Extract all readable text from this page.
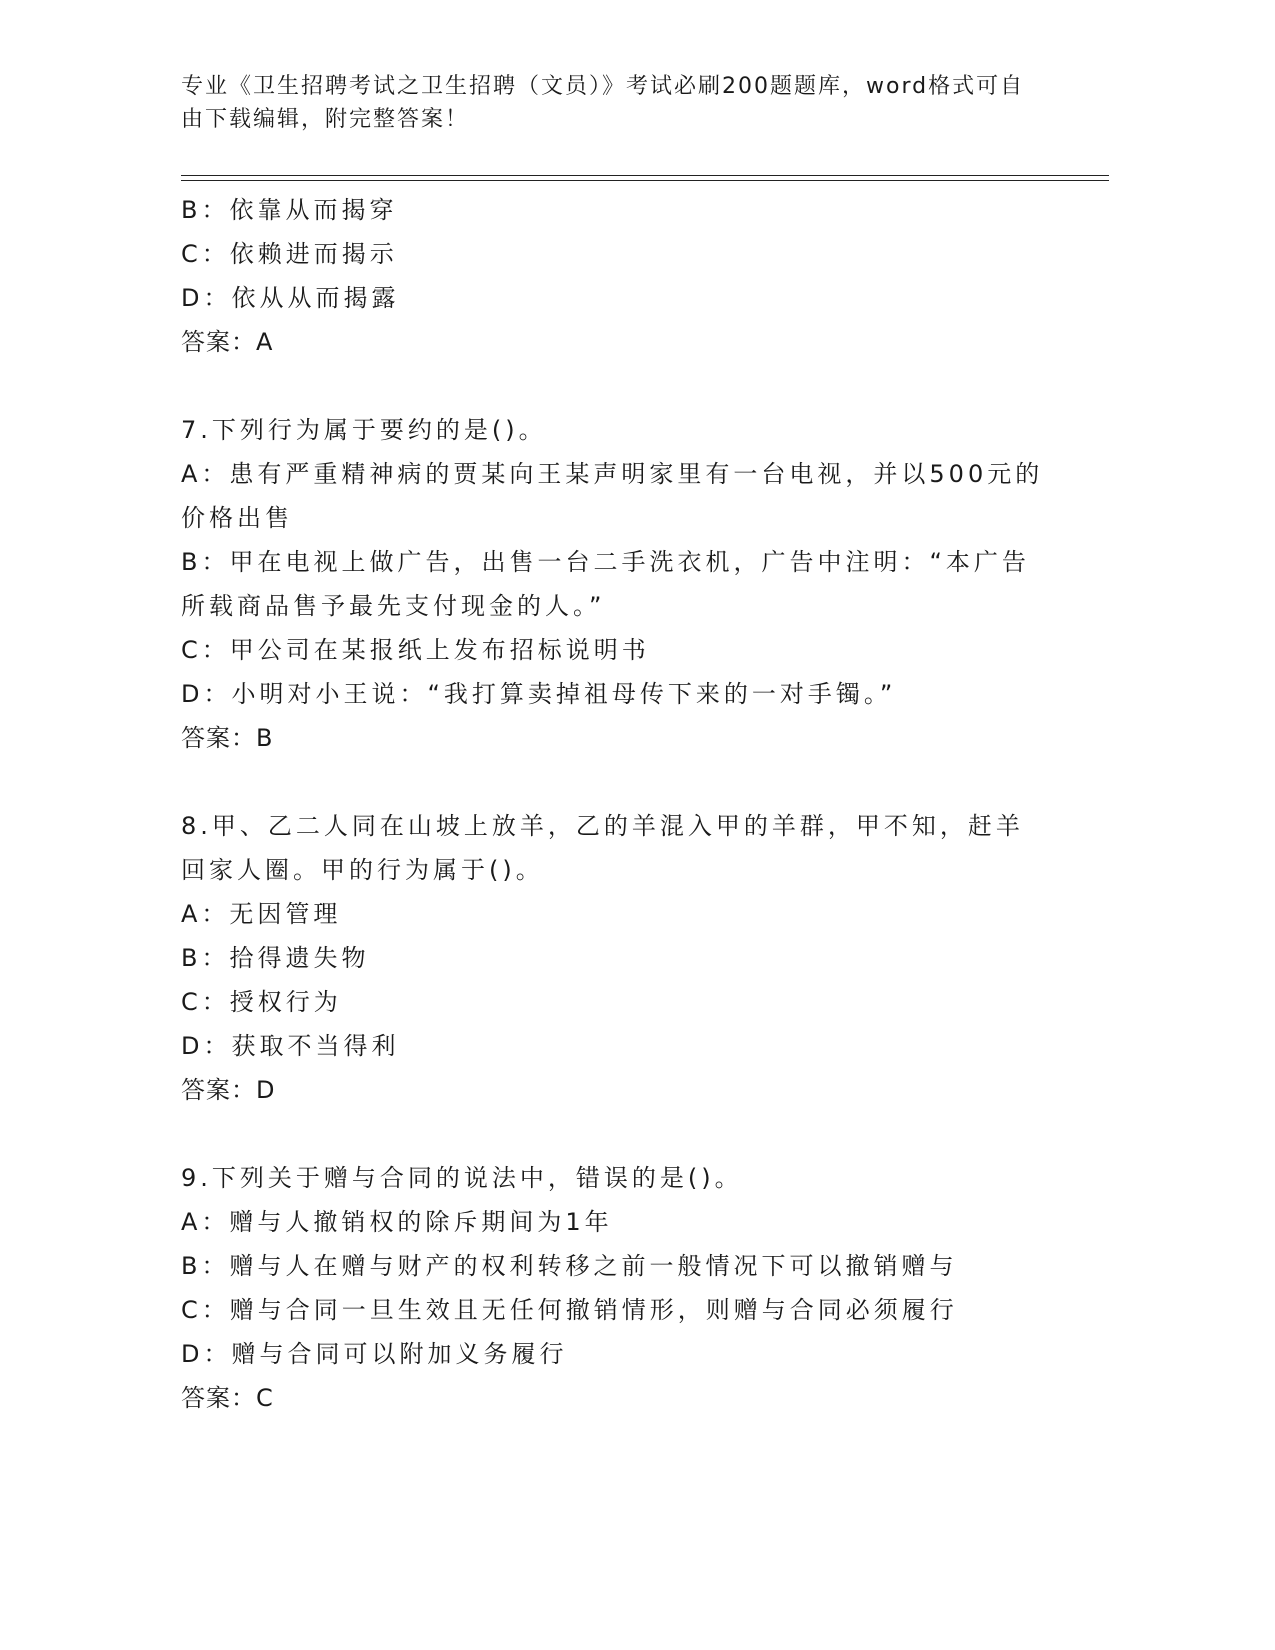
专业《卫生招聘考试之卫生招聘（文员）》考试必刷200题题库，word格式可自
由下载编辑，附完整答案！

B：依靠从而揭穿

C：依赖进而揭示

D：依从从而揭露

答案：A

7.下列行为属于要约的是()。

A：患有严重精神病的贾某向王某声明家里有一台电视，并以500元的

价格出售

B：甲在电视上做广告，出售一台二手洗衣机，广告中注明：“本广告

所载商品售予最先支付现金的人。”

C：甲公司在某报纸上发布招标说明书

D：小明对小王说：“我打算卖掉祖母传下来的一对手镯。”

答案：B

8.甲、乙二人同在山坡上放羊，乙的羊混入甲的羊群，甲不知，赶羊

回家人圈。甲的行为属于()。

A：无因管理

B：拾得遗失物

C：授权行为

D：获取不当得利

答案：D

9.下列关于赠与合同的说法中，错误的是()。

A：赠与人撤销权的除斥期间为1年

B：赠与人在赠与财产的权利转移之前一般情况下可以撤销赠与

C：赠与合同一旦生效且无任何撤销情形，则赠与合同必须履行

D：赠与合同可以附加义务履行

答案：C
